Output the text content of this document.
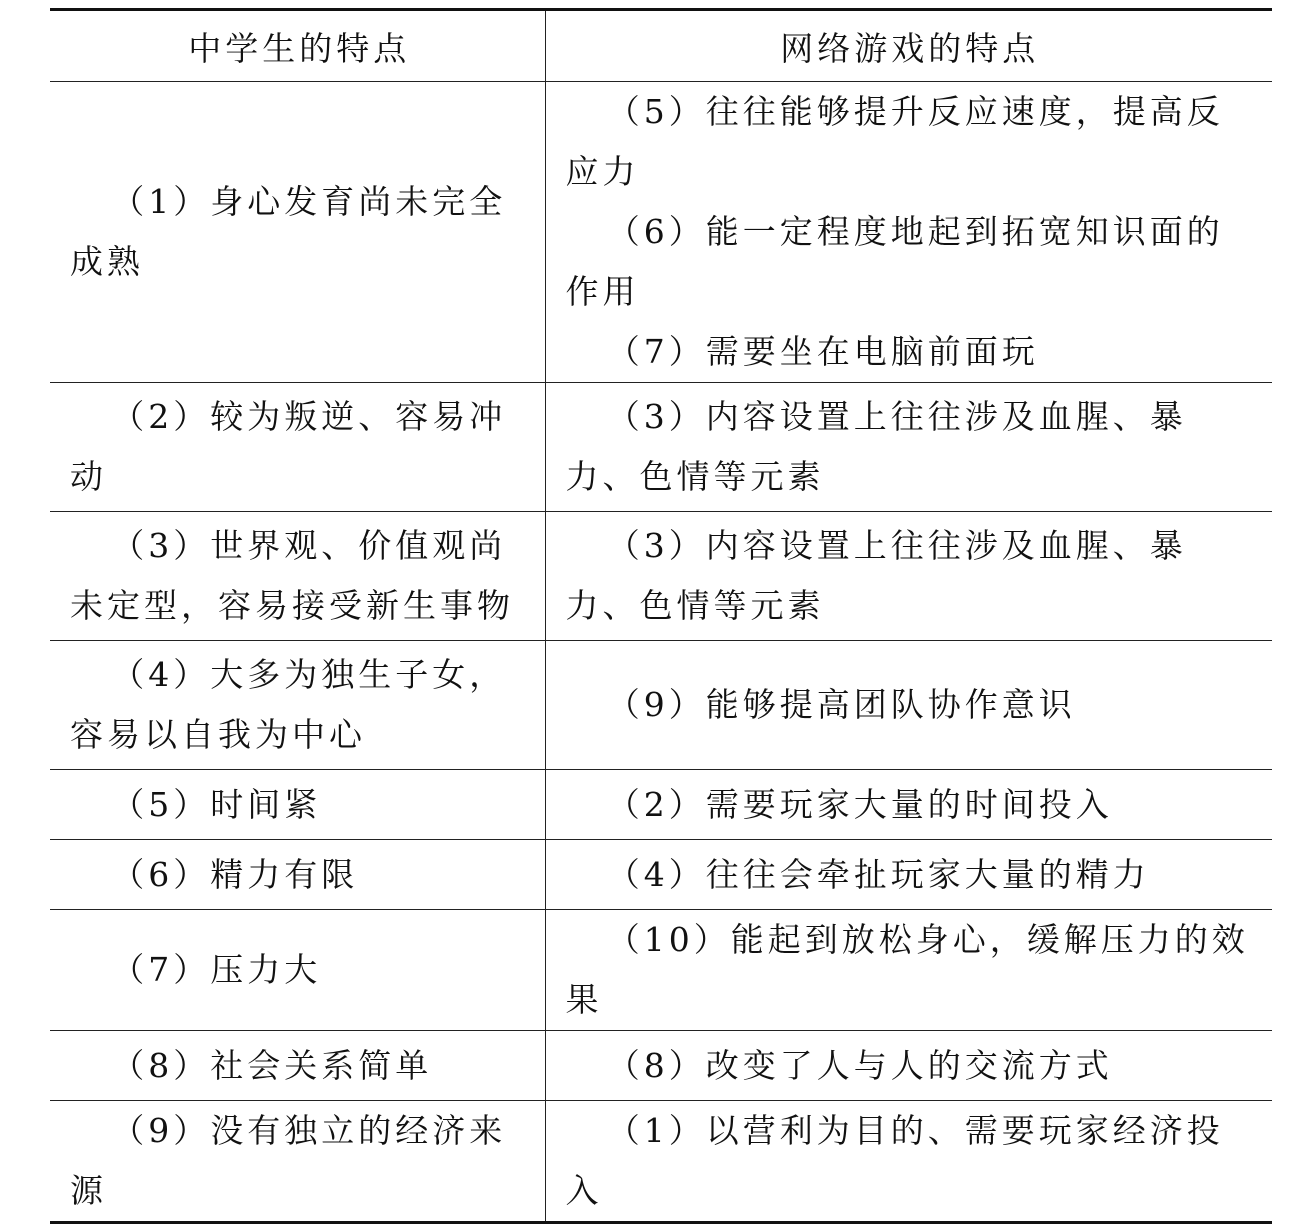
中学生的特点	网络游戏的特点

（1）身心发育尚未完全成熟	（5）往往能够提升反应速度，提高反应力
（6）能一定程度地起到拓宽知识面的作用
（7）需要坐在电脑前面玩

（2）较为叛逆、容易冲动	（3）内容设置上往往涉及血腥、暴力、色情等元素

（3）世界观、价值观尚未定型，容易接受新生事物	（3）内容设置上往往涉及血腥、暴力、色情等元素

（4）大多为独生子女，容易以自我为中心	（9）能够提高团队协作意识

（5）时间紧	（2）需要玩家大量的时间投入

（6）精力有限	（4）往往会牵扯玩家大量的精力

（7）压力大	（10）能起到放松身心，缓解压力的效果

（8）社会关系简单	（8）改变了人与人的交流方式

（9）没有独立的经济来源	（1）以营利为目的、需要玩家经济投入
